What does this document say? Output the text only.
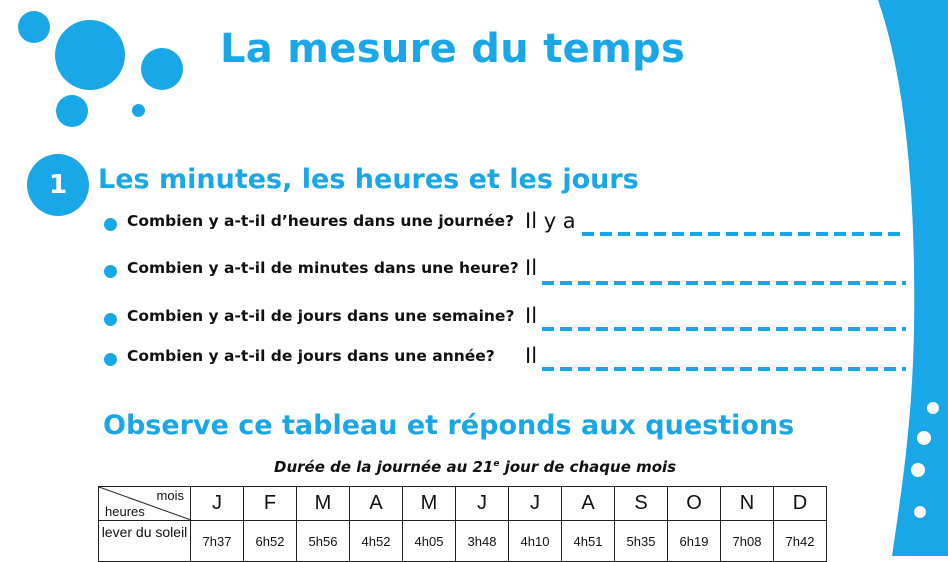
La mesure du temps
1	Les minutes, les heures et les jours
Combien y a-t-il d’heures dans une journée? Il y a
Combien y a-t-il de minutes dans une heure? Il
Combien y a-t-il de jours dans une semaine? Il
Combien y a-t-il de jours dans une année? Il
Observe ce tableau et réponds aux questions
Durée de la journée au 21e jour de chaque mois
mois
heures	J	F	M	A	M	J	J	A	S	O	N	D
lever du soleil	7h37	6h52	5h56	4h52	4h05	3h48	4h10	4h51	5h35	6h19	7h08	7h42
